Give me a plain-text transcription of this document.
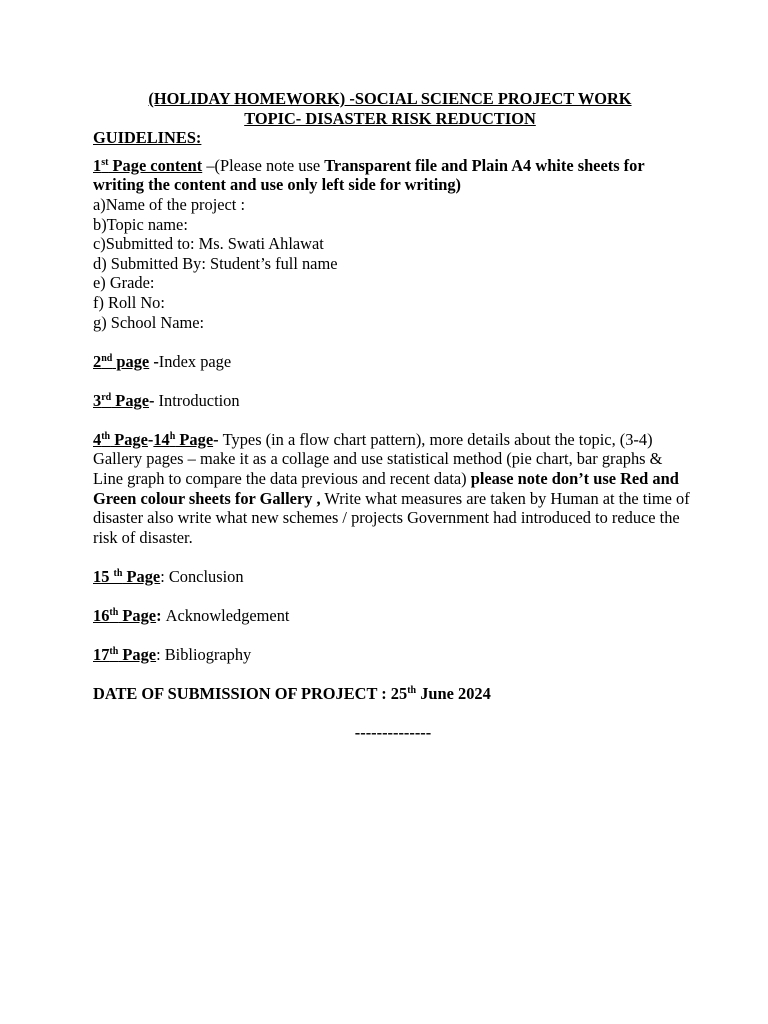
(HOLIDAY HOMEWORK) -SOCIAL SCIENCE PROJECT WORK
TOPIC- DISASTER RISK REDUCTION
GUIDELINES:

1st Page content –(Please note use Transparent file and Plain A4 white sheets for writing the content and use only left side for writing)

a)Name of the project :
b)Topic name:
c)Submitted to: Ms. Swati Ahlawat
d) Submitted By: Student’s full name
e) Grade:
f) Roll No:
g) School Name:

2nd page -Index page

3rd Page- Introduction

4th Page-14$^h$ Page- Types (in a flow chart pattern), more details about the topic, (3-4) Gallery pages – make it as a collage and use statistical method (pie chart, bar graphs & Line graph to compare the data previous and recent data) please note don’t use Red and Green colour sheets for Gallery , Write what measures are taken by Human at the time of disaster also write what new schemes / projects Government had introduced to reduce the risk of disaster.

15 $^{th}$ Page: Conclusion

16th Page: Acknowledgement

17th Page: Bibliography

DATE OF SUBMISSION OF PROJECT : 25th June 2024

--------------
